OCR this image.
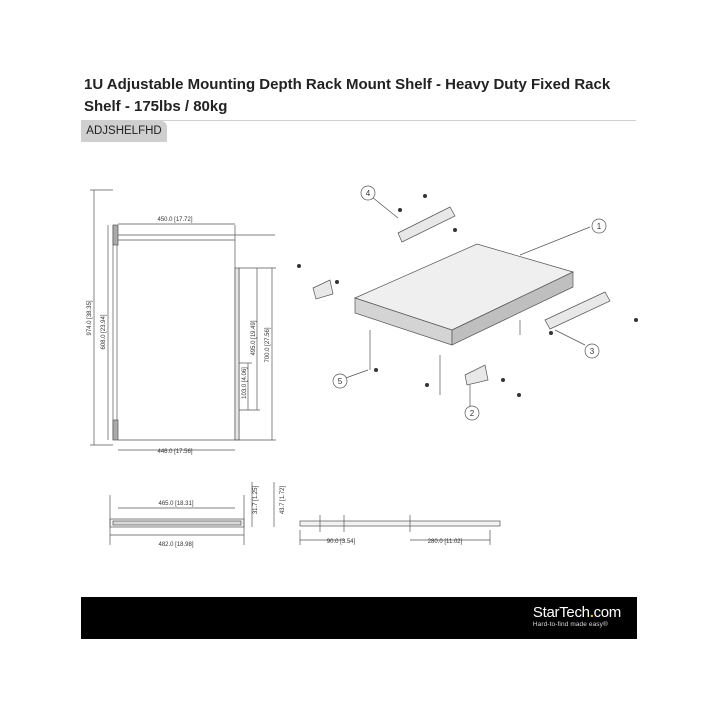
1U Adjustable Mounting Depth Rack Mount Shelf - Heavy Duty Fixed Rack Shelf - 175lbs / 80kg
ADJSHELFHD
4
1
3
2
5
450.0 [17.72]
974.0 [38.35] 608.0 [23.94]	700.0 [27.56]
495.0 [19.49]
103.0 [4.06]
446.0 [17.56]
465.0 [18.31]	31.7 [1.25]
482.0 [18.98]
43.7 [1.72]
90.0 [3.54]	280.0 [11.02]
StarTech.com
Hard-to-find made easy®
